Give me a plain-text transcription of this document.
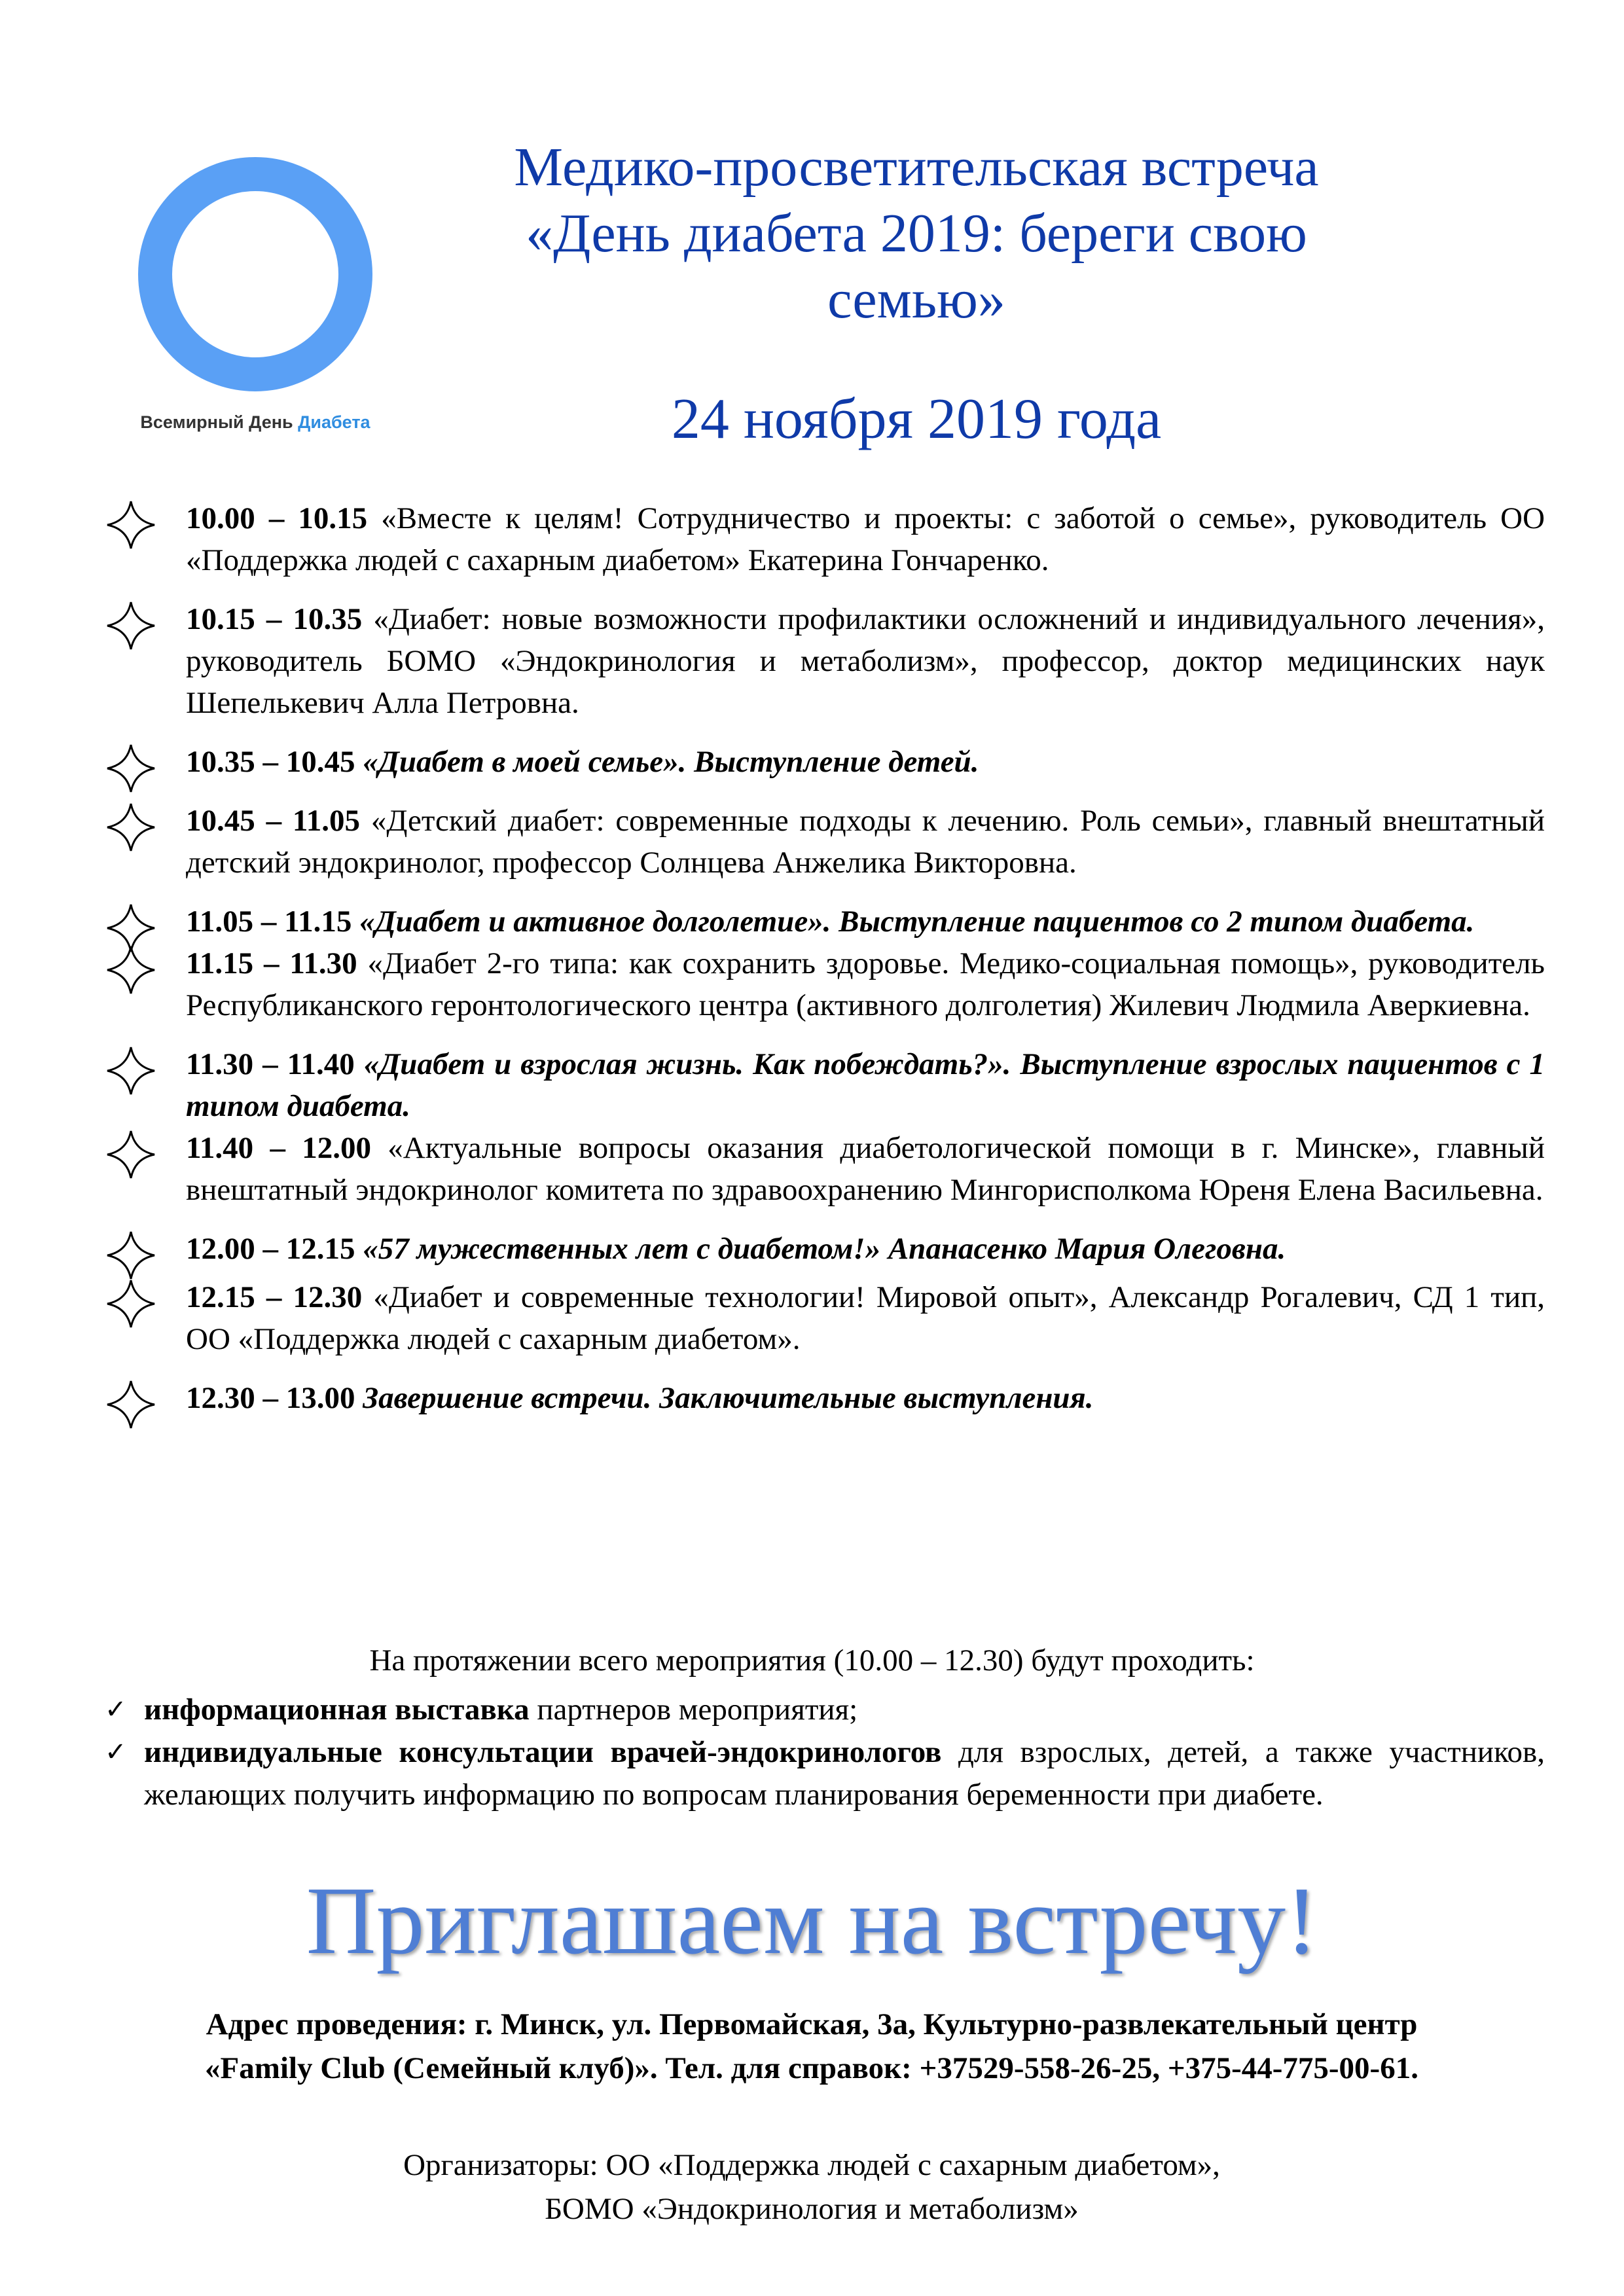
Всемирный День Диабета
Медико-просветительская встреча
«День диабета 2019: береги свою
семью»
24 ноября 2019 года
10.00 – 10.15 «Вместе к целям! Сотрудничество и проекты: с заботой о семье», руководитель ОО «Поддержка людей с сахарным диабетом» Екатерина Гончаренко.
10.15 – 10.35 «Диабет: новые возможности профилактики осложнений и индивидуального лечения», руководитель БОМО «Эндокринология и метаболизм», профессор, доктор медицинских наук Шепелькевич Алла Петровна.
10.35 – 10.45 «Диабет в моей семье». Выступление детей.
10.45 – 11.05 «Детский диабет: современные подходы к лечению. Роль семьи», главный внештатный детский эндокринолог, профессор Солнцева Анжелика Викторовна.
11.05 – 11.15 «Диабет и активное долголетие». Выступление пациентов со 2 типом диабета.
11.15 – 11.30 «Диабет 2-го типа: как сохранить здоровье. Медико-социальная помощь», руководитель Республиканского геронтологического центра (активного долголетия) Жилевич Людмила Аверкиевна.
11.30 – 11.40 «Диабет и взрослая жизнь. Как побеждать?». Выступление взрослых пациентов с 1 типом диабета.
11.40 – 12.00 «Актуальные вопросы оказания диабетологической помощи в г. Минске», главный внештатный эндокринолог комитета по здравоохранению Мингорисполкома Юреня Елена Васильевна.
12.00 – 12.15 «57 мужественных лет с диабетом!» Апанасенко Мария Олеговна.
12.15 – 12.30 «Диабет и современные технологии! Мировой опыт», Александр Рогалевич, СД 1 тип, ОО «Поддержка людей с сахарным диабетом».
12.30 – 13.00 Завершение встречи. Заключительные выступления.
На протяжении всего мероприятия (10.00 – 12.30) будут проходить:
✓ информационная выставка партнеров мероприятия;
✓ индивидуальные консультации врачей-эндокринологов для взрослых, детей, а также участников, желающих получить информацию по вопросам планирования беременности при диабете.
Приглашаем на встречу!
Адрес проведения: г. Минск, ул. Первомайская, 3а, Культурно-развлекательный центр
«Family Club (Семейный клуб)». Тел. для справок: +37529-558-26-25, +375-44-775-00-61.
Организаторы: ОО «Поддержка людей с сахарным диабетом»,
БОМО «Эндокринология и метаболизм»
